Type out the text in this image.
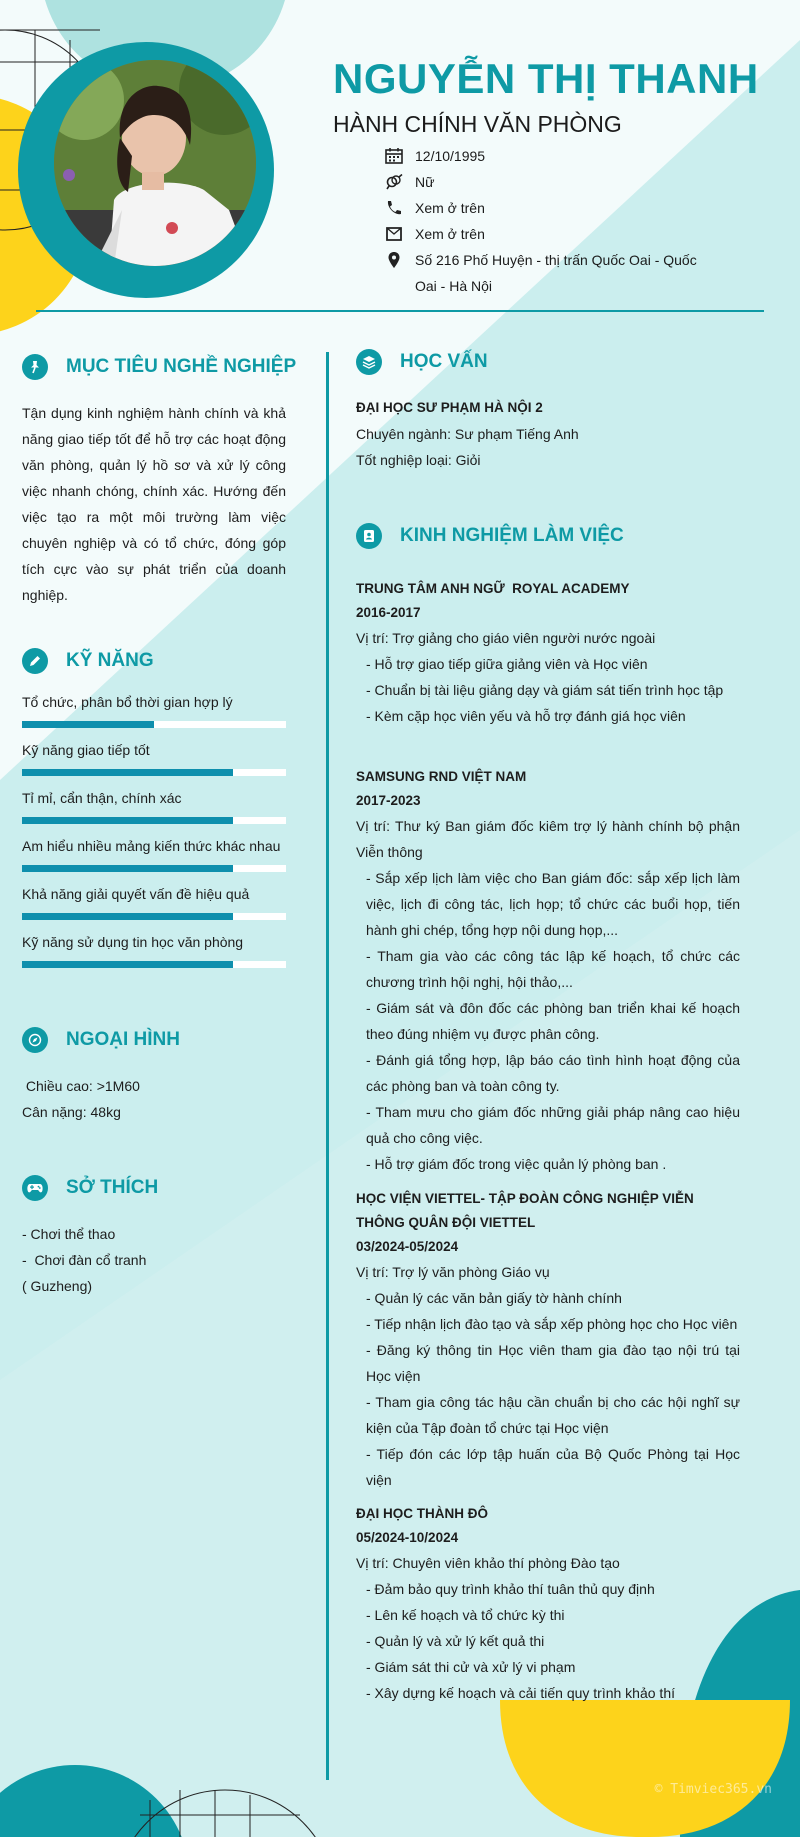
NGUYỄN THỊ THANH
HÀNH CHÍNH VĂN PHÒNG
12/10/1995
Nữ
Xem ở trên
Xem ở trên
Số 216 Phố Huyện - thị trấn Quốc Oai - Quốc Oai - Hà Nội
MỤC TIÊU NGHỀ NGHIỆP
Tận dụng kinh nghiệm hành chính và khả năng giao tiếp tốt để hỗ trợ các hoạt động văn phòng, quản lý hồ sơ và xử lý công việc nhanh chóng, chính xác. Hướng đến việc tạo ra một môi trường làm việc chuyên nghiệp và có tổ chức, đóng góp tích cực vào sự phát triển của doanh nghiệp.
KỸ NĂNG
Tổ chức, phân bổ thời gian hợp lý
Kỹ năng giao tiếp tốt
Tỉ mỉ, cẩn thận, chính xác
Am hiểu nhiều mảng kiến thức khác nhau
Khả năng giải quyết vấn đề hiệu quả
Kỹ năng sử dụng tin học văn phòng
NGOẠI HÌNH
Chiều cao: >1M60
Cân nặng: 48kg
SỞ THÍCH
- Chơi thể thao
-  Chơi đàn cổ tranh
( Guzheng)
HỌC VẤN
ĐẠI HỌC SƯ PHẠM HÀ NỘI 2
Chuyên ngành: Sư phạm Tiếng Anh
Tốt nghiệp loại: Giỏi
KINH NGHIỆM LÀM VIỆC
TRUNG TÂM ANH NGỮ  ROYAL ACADEMY
2016-2017
Vị trí: Trợ giảng cho giáo viên người nước ngoài
- Hỗ trợ giao tiếp giữa giảng viên và Học viên
- Chuẩn bị tài liệu giảng dạy và giám sát tiến trình học tập
- Kèm cặp học viên yếu và hỗ trợ đánh giá học viên
SAMSUNG RND VIỆT NAM
2017-2023
Vị trí: Thư ký Ban giám đốc kiêm trợ lý hành chính bộ phận Viễn thông
- Sắp xếp lịch làm việc cho Ban giám đốc: sắp xếp lịch làm việc, lịch đi công tác, lịch họp; tổ chức các buổi họp, tiến hành ghi chép, tổng hợp nội dung họp,...
- Tham gia vào các công tác lập kế hoạch, tổ chức các chương trình hội nghị, hội thảo,...
- Giám sát và đôn đốc các phòng ban triển khai kế hoạch theo đúng nhiệm vụ được phân công.
- Đánh giá tổng hợp, lập báo cáo tình hình hoạt động của các phòng ban và toàn công ty.
- Tham mưu cho giám đốc những giải pháp nâng cao hiệu quả cho công việc.
- Hỗ trợ giám đốc trong việc quản lý phòng ban .
HỌC VIỆN VIETTEL- TẬP ĐOÀN CÔNG NGHIỆP VIỄN THÔNG QUÂN ĐỘI VIETTEL
03/2024-05/2024
Vị trí: Trợ lý văn phòng Giáo vụ
- Quản lý các văn bản giấy tờ hành chính
- Tiếp nhận lịch đào tạo và sắp xếp phòng học cho Học viên
- Đăng ký thông tin Học viên tham gia đào tạo nội trú tại Học viện
- Tham gia công tác hậu cần chuẩn bị cho các hội nghĩ sự kiện của Tập đoàn tổ chức tại Học viện
- Tiếp đón các lớp tập huấn của Bộ Quốc Phòng tại Học viện
ĐẠI HỌC THÀNH ĐÔ
05/2024-10/2024
Vị trí: Chuyên viên khảo thí phòng Đào tạo
- Đảm bảo quy trình khảo thí tuân thủ quy định
- Lên kế hoạch và tổ chức kỳ thi
- Quản lý và xử lý kết quả thi
- Giám sát thi cử và xử lý vi phạm
- Xây dựng kế hoạch và cải tiến quy trình khảo thí
© Timviec365.vn
